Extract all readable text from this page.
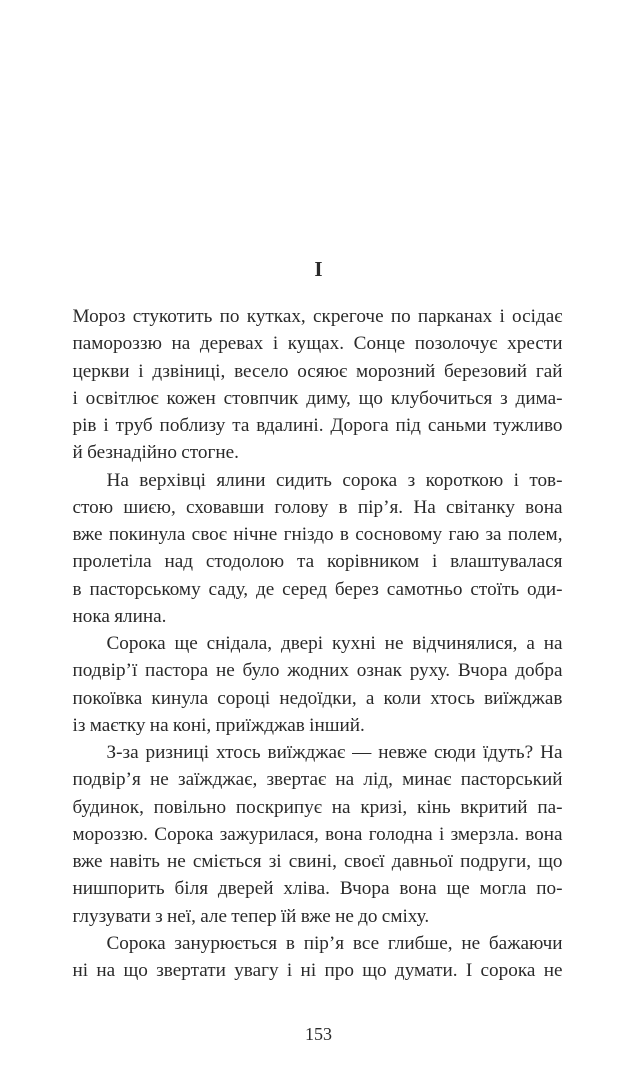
I
Мороз стукотить по кутках, скрегоче по парканах і осідає
памороззю на деревах і кущах. Сонце позолочує хрести
церкви і дзвіниці, весело осяює морозний березовий гай
і освітлює кожен стовпчик диму, що клубочиться з дима-
рів і труб поблизу та вдалині. Дорога під саньми тужливо
й безнадійно стогне.
На верхівці ялини сидить сорока з короткою і тов-
стою шиєю, сховавши голову в пір’я. На світанку вона
вже покинула своє нічне гніздо в сосновому гаю за полем,
пролетіла над стодолою та корівником і влаштувалася
в пасторському саду, де серед берез самотньо стоїть оди-
нока ялина.
Сорока ще снідала, двері кухні не відчинялися, а на
подвір’ї пастора не було жодних ознак руху. Вчора добра
покоївка кинула сороці недоїдки, а коли хтось виїжджав
із маєтку на коні, приїжджав інший.
З-за ризниці хтось виїжджає — невже сюди їдуть? На
подвір’я не заїжджає, звертає на лід, минає пасторський
будинок, повільно поскрипує на кризі, кінь вкритий па-
мороззю. Сорока зажурилася, вона голодна і змерзла. вона
вже навіть не сміється зі свині, своєї давньої подруги, що
нишпорить біля дверей хліва. Вчора вона ще могла по-
глузувати з неї, але тепер їй вже не до сміху.
Сорока занурюється в пір’я все глибше, не бажаючи
ні на що звертати увагу і ні про що думати. І сорока не
153
